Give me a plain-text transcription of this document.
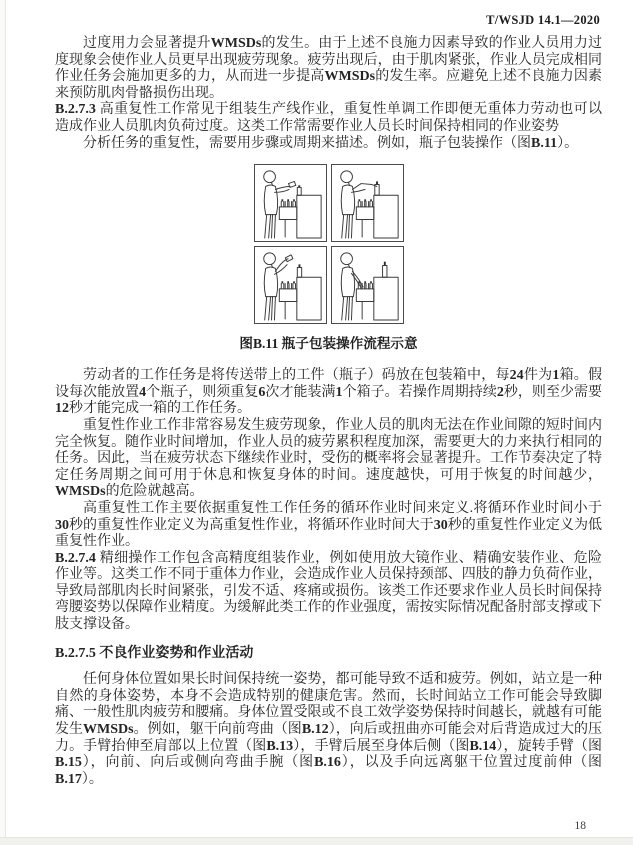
T/WSJD 14.1—2020

过度用力会显著提升WMSDs的发生。由于上述不良施力因素导致的作业人员用力过度现象会使作业人员更早出现疲劳现象。疲劳出现后，由于肌肉紧张，作业人员完成相同作业任务会施加更多的力，从而进一步提高WMSDs的发生率。应避免上述不良施力因素来预防肌肉骨骼损伤出现。

B.2.7.3 高重复性工作常见于组装生产线作业，重复性单调工作即便无重体力劳动也可以造成作业人员肌肉负荷过度。这类工作常需要作业人员长时间保持相同的作业姿势

分析任务的重复性，需要用步骤或周期来描述。例如，瓶子包装操作（图B.11）。

图B.11 瓶子包装操作流程示意

劳动者的工作任务是将传送带上的工件（瓶子）码放在包装箱中，每24件为1箱。假设每次能放置4个瓶子，则须重复6次才能装满1个箱子。若操作周期持续2秒，则至少需要12秒才能完成一箱的工作任务。

重复性作业工作非常容易发生疲劳现象，作业人员的肌肉无法在作业间隙的短时间内完全恢复。随作业时间增加，作业人员的疲劳累积程度加深，需要更大的力来执行相同的任务。因此，当在疲劳状态下继续作业时，受伤的概率将会显著提升。工作节奏决定了特定任务周期之间可用于休息和恢复身体的时间。速度越快，可用于恢复的时间越少，WMSDs的危险就越高。

高重复性工作主要依据重复性工作任务的循环作业时间来定义.将循环作业时间小于30秒的重复性作业定义为高重复性作业，将循环作业时间大于30秒的重复性作业定义为低重复性作业。

B.2.7.4 精细操作工作包含高精度组装作业，例如使用放大镜作业、精确安装作业、危险作业等。这类工作不同于重体力作业，会造成作业人员保持颈部、四肢的静力负荷作业，导致局部肌肉长时间紧张，引发不适、疼痛或损伤。该类工作还要求作业人员长时间保持弯腰姿势以保障作业精度。为缓解此类工作的作业强度，需按实际情况配备肘部支撑或下肢支撑设备。

B.2.7.5 不良作业姿势和作业活动

任何身体位置如果长时间保持统一姿势，都可能导致不适和疲劳。例如，站立是一种自然的身体姿势，本身不会造成特别的健康危害。然而，长时间站立工作可能会导致脚痛、一般性肌肉疲劳和腰痛。身体位置受限或不良工效学姿势保持时间越长，就越有可能发生WMSDs。例如，躯干向前弯曲（图B.12），向后或扭曲亦可能会对后背造成过大的压力。手臂抬伸至肩部以上位置（图B.13），手臂后展至身体后侧（图B.14），旋转手臂（图B.15），向前、向后或侧向弯曲手腕（图B.16），以及手向远离躯干位置过度前伸（图B.17）。

18
